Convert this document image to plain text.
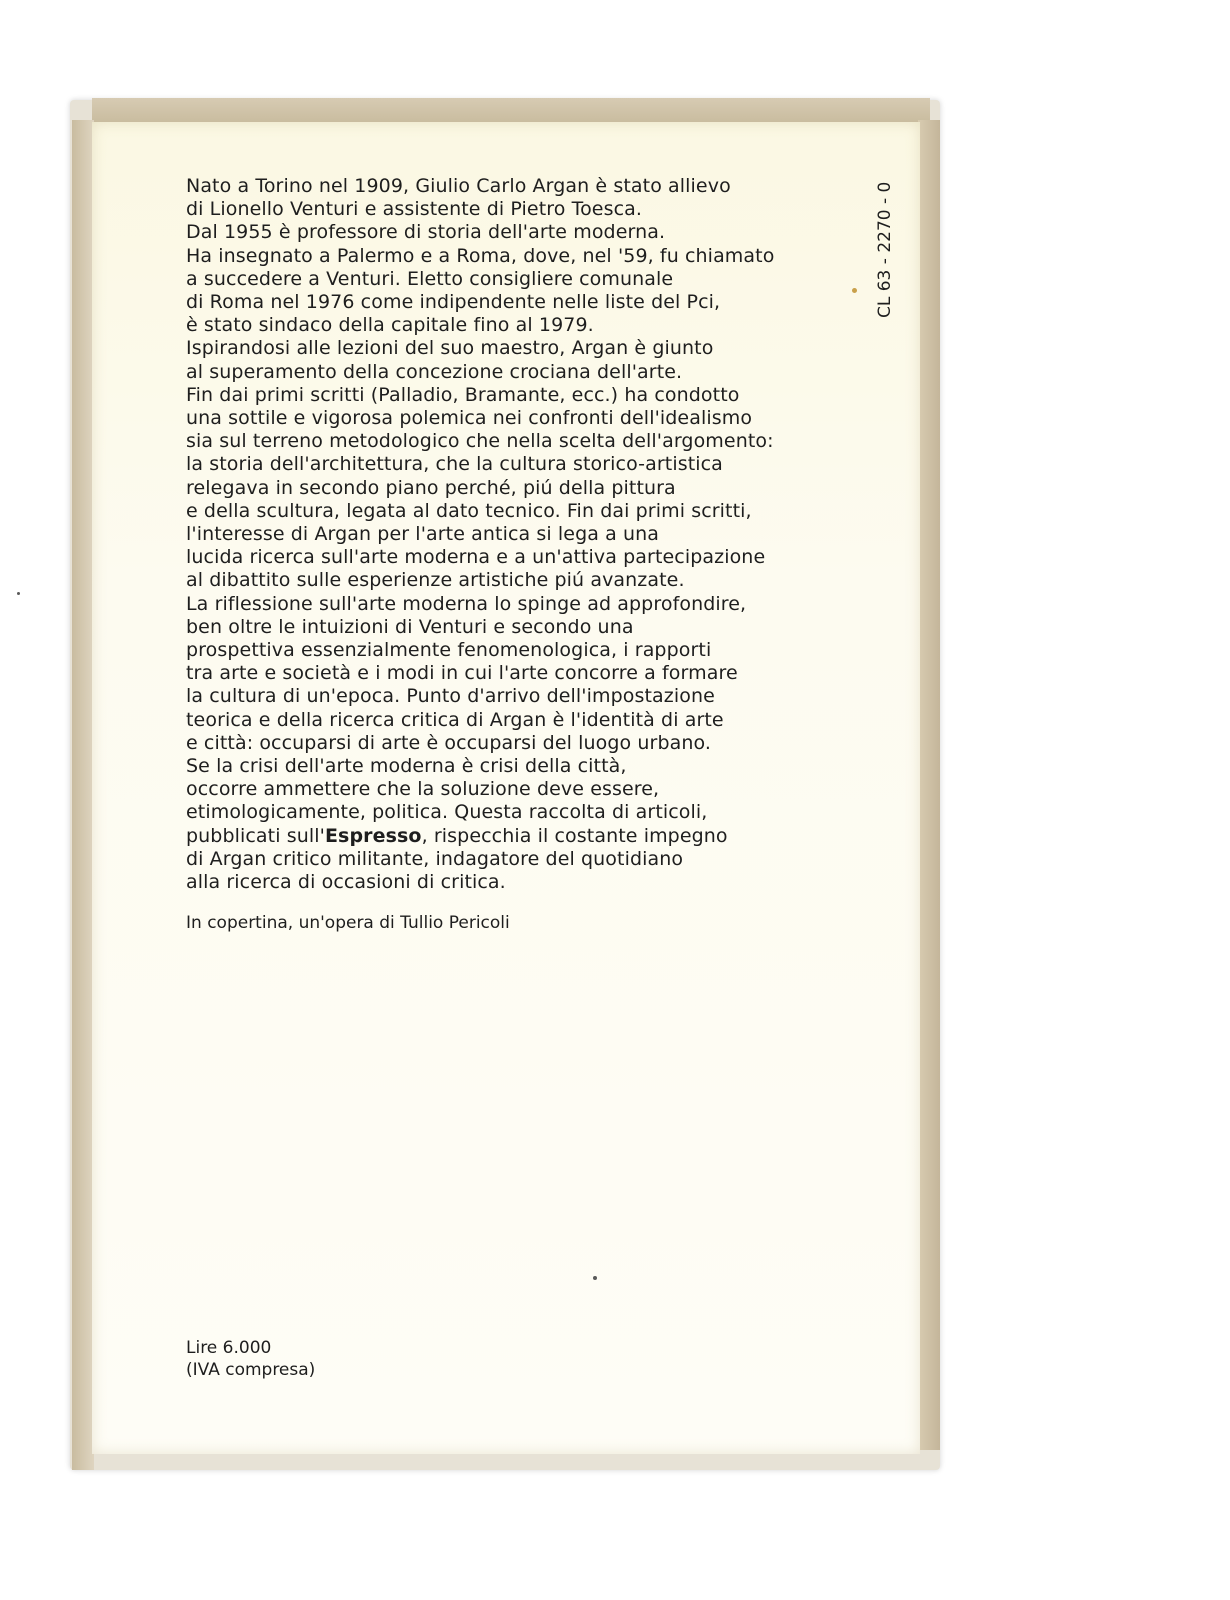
Nato a Torino nel 1909, Giulio Carlo Argan è stato allievo
di Lionello Venturi e assistente di Pietro Toesca.
Dal 1955 è professore di storia dell'arte moderna.
Ha insegnato a Palermo e a Roma, dove, nel '59, fu chiamato
a succedere a Venturi. Eletto consigliere comunale
di Roma nel 1976 come indipendente nelle liste del Pci,
è stato sindaco della capitale fino al 1979.
Ispirandosi alle lezioni del suo maestro, Argan è giunto
al superamento della concezione crociana dell'arte.
Fin dai primi scritti (Palladio, Bramante, ecc.) ha condotto
una sottile e vigorosa polemica nei confronti dell'idealismo
sia sul terreno metodologico che nella scelta dell'argomento:
la storia dell'architettura, che la cultura storico-artistica
relegava in secondo piano perché, piú della pittura
e della scultura, legata al dato tecnico. Fin dai primi scritti,
l'interesse di Argan per l'arte antica si lega a una
lucida ricerca sull'arte moderna e a un'attiva partecipazione
al dibattito sulle esperienze artistiche piú avanzate.
La riflessione sull'arte moderna lo spinge ad approfondire,
ben oltre le intuizioni di Venturi e secondo una
prospettiva essenzialmente fenomenologica, i rapporti
tra arte e società e i modi in cui l'arte concorre a formare
la cultura di un'epoca. Punto d'arrivo dell'impostazione
teorica e della ricerca critica di Argan è l'identità di arte
e città: occuparsi di arte è occuparsi del luogo urbano.
Se la crisi dell'arte moderna è crisi della città,
occorre ammettere che la soluzione deve essere,
etimologicamente, politica. Questa raccolta di articoli,
pubblicati sull'Espresso, rispecchia il costante impegno
di Argan critico militante, indagatore del quotidiano
alla ricerca di occasioni di critica.
In copertina, un'opera di Tullio Pericoli
Lire 6.000
(IVA compresa)
CL 63 - 2270 - 0
